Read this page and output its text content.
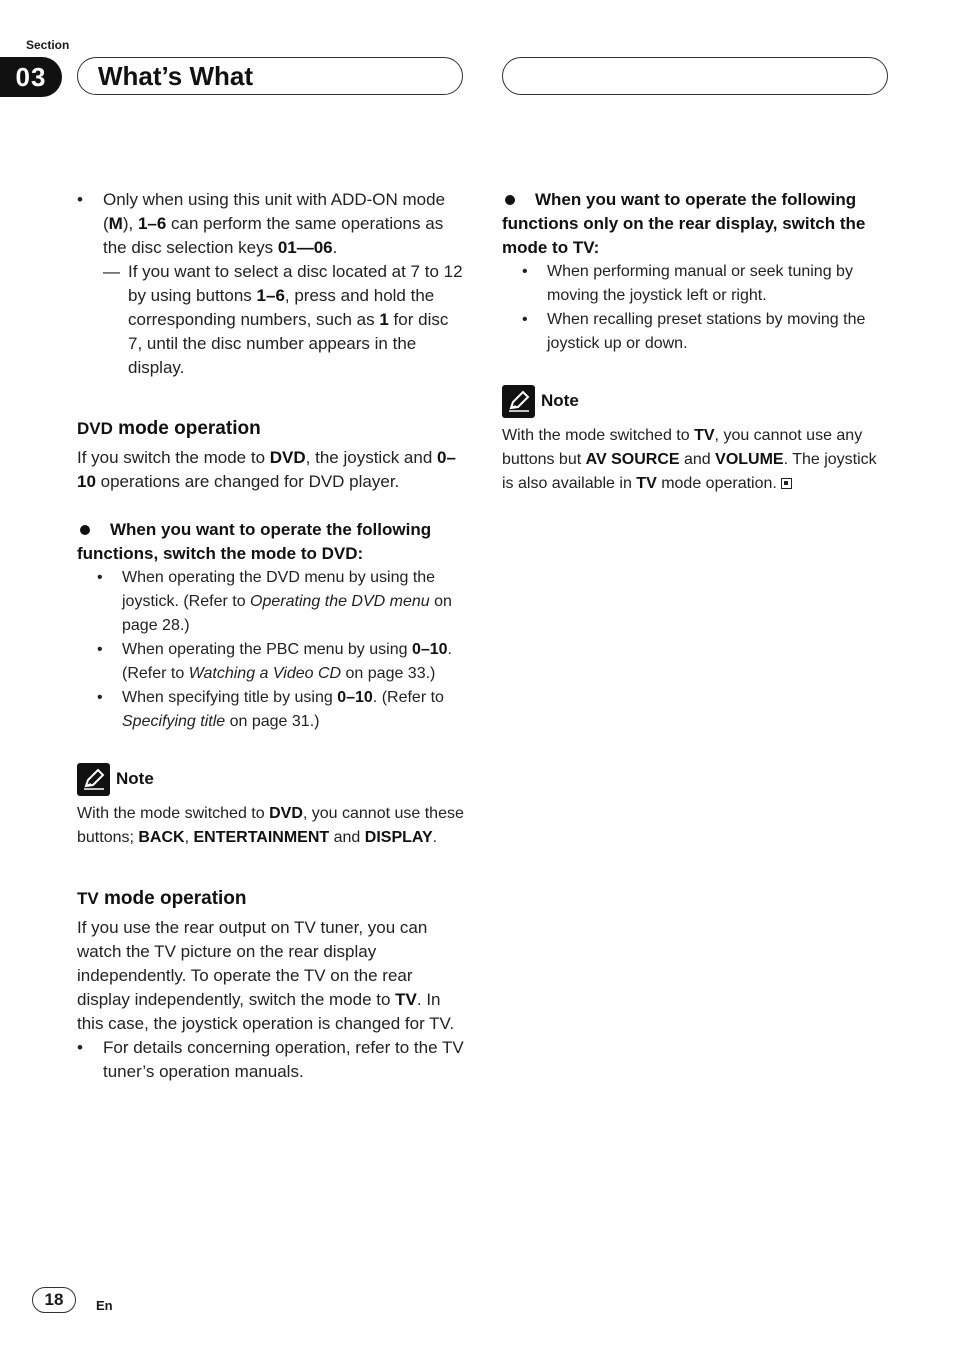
Section
03	What’s What
• Only when using this unit with ADD-ON mode (M), 1–6 can perform the same operations as the disc selection keys 01—06.
— If you want to select a disc located at 7 to 12 by using buttons 1–6, press and hold the corresponding numbers, such as 1 for disc 7, until the disc number appears in the display.
DVD mode operation
If you switch the mode to DVD, the joystick and 0–10 operations are changed for DVD player.
When you want to operate the following functions, switch the mode to DVD:
• When operating the DVD menu by using the joystick. (Refer to Operating the DVD menu on page 28.)
• When operating the PBC menu by using 0–10. (Refer to Watching a Video CD on page 33.)
• When specifying title by using 0–10. (Refer to Specifying title on page 31.)
Note
With the mode switched to DVD, you cannot use these buttons; BACK, ENTERTAINMENT and DISPLAY.
TV mode operation
If you use the rear output on TV tuner, you can watch the TV picture on the rear display independently. To operate the TV on the rear display independently, switch the mode to TV. In this case, the joystick operation is changed for TV.
• For details concerning operation, refer to the TV tuner’s operation manuals.
When you want to operate the following functions only on the rear display, switch the mode to TV:
• When performing manual or seek tuning by moving the joystick left or right.
• When recalling preset stations by moving the joystick up or down.
Note
With the mode switched to TV, you cannot use any buttons but AV SOURCE and VOLUME. The joystick is also available in TV mode operation.
18	En
